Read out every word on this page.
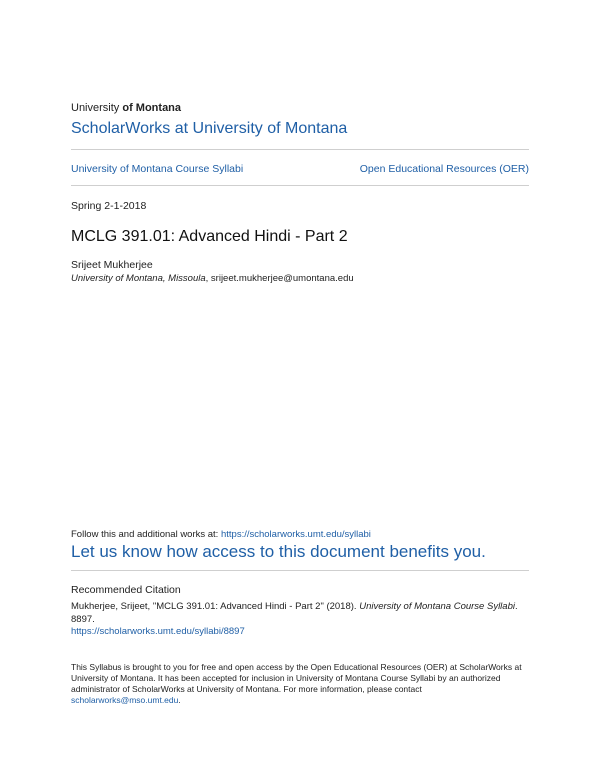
University of Montana
ScholarWorks at University of Montana
University of Montana Course Syllabi	Open Educational Resources (OER)
Spring 2-1-2018
MCLG 391.01: Advanced Hindi - Part 2
Srijeet Mukherjee
University of Montana, Missoula, srijeet.mukherjee@umontana.edu
Follow this and additional works at: https://scholarworks.umt.edu/syllabi
Let us know how access to this document benefits you.
Recommended Citation
Mukherjee, Srijeet, "MCLG 391.01: Advanced Hindi - Part 2" (2018). University of Montana Course Syllabi. 8897.
https://scholarworks.umt.edu/syllabi/8897
This Syllabus is brought to you for free and open access by the Open Educational Resources (OER) at ScholarWorks at University of Montana. It has been accepted for inclusion in University of Montana Course Syllabi by an authorized administrator of ScholarWorks at University of Montana. For more information, please contact scholarworks@mso.umt.edu.
